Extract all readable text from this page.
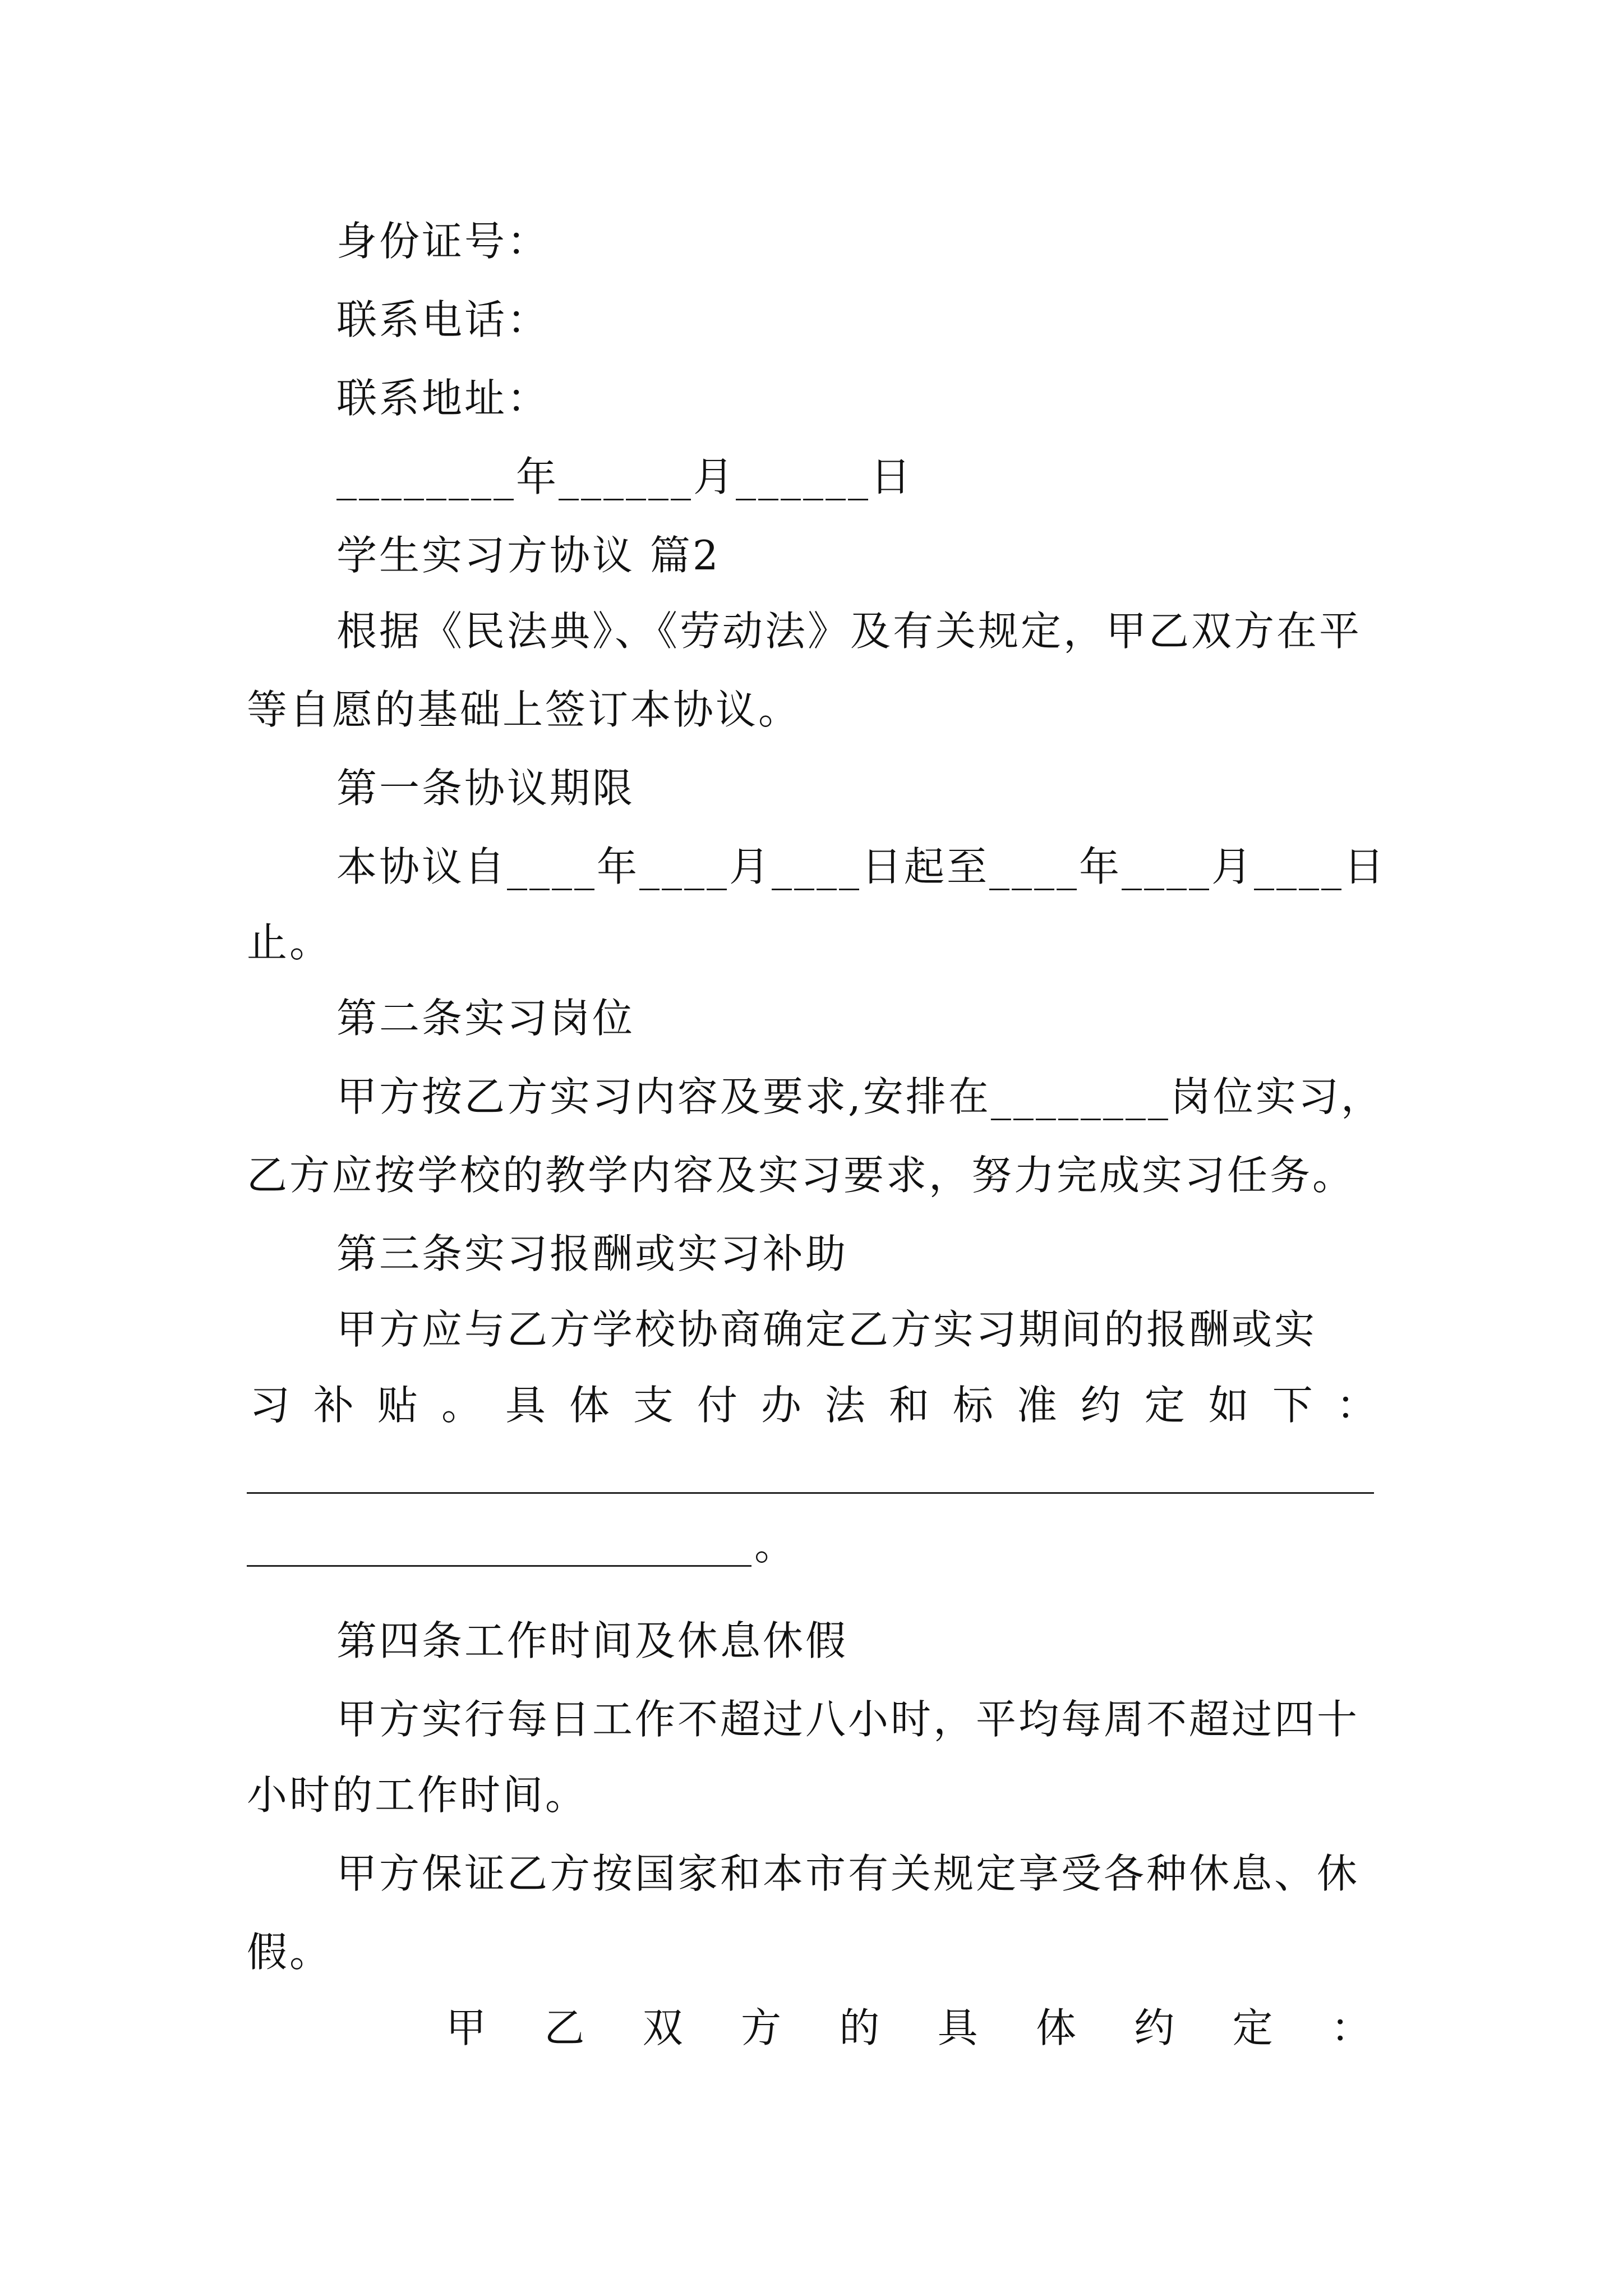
身份证号：
联系电话：
联系地址：
________年______月______日
学生实习方协议 篇2
根据《民法典》、《劳动法》及有关规定，甲乙双方在平
等自愿的基础上签订本协议。
第一条协议期限
本协议自____年____月____日起至____年____月____日
止。
第二条实习岗位
甲方按乙方实习内容及要求,安排在________岗位实习，
乙方应按学校的教学内容及实习要求，努力完成实习任务。
第三条实习报酬或实习补助
甲方应与乙方学校协商确定乙方实习期间的报酬或实
习 补 贴 。 具 体 支 付 办 法 和 标 准 约 定 如 下 ：
。
第四条工作时间及休息休假
甲方实行每日工作不超过八小时，平均每周不超过四十
小时的工作时间。
甲方保证乙方按国家和本市有关规定享受各种休息、休
假。
甲 乙 双 方 的 具 体 约 定 ：
